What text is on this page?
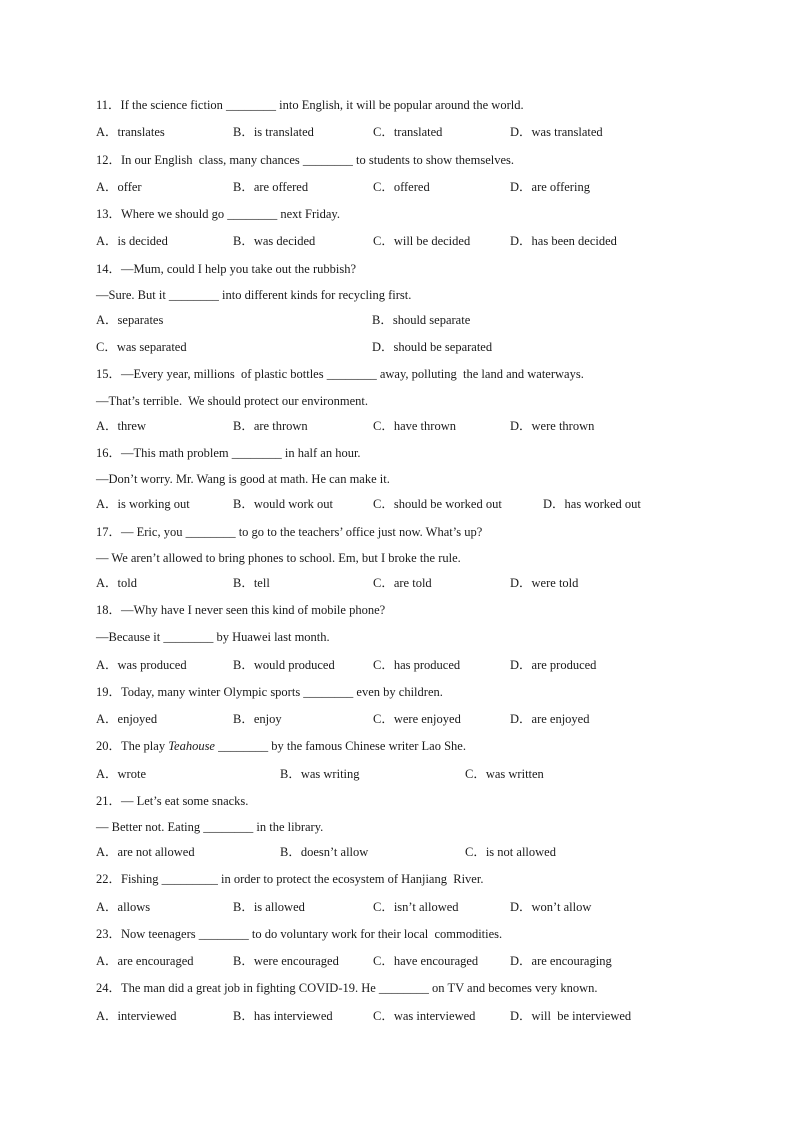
11．If the science fiction ________ into English, it will be popular around the world.
A．translates	B．is translated	C．translated	D．was translated
12．In our English  class, many chances ________ to students to show themselves.
A．offer	B．are offered	C．offered	D．are offering
13．Where we should go ________ next Friday.
A．is decided	B．was decided	C．will be decided	D．has been decided
14．—Mum, could I help you take out the rubbish?
—Sure. But it ________ into different kinds for recycling first.
A．separates	B．should separate
C．was separated	D．should be separated
15．—Every year, millions  of plastic bottles ________ away, polluting  the land and waterways.
—That’s terrible.  We should protect our environment.
A．threw	B．are thrown	C．have thrown	D．were thrown
16．—This math problem ________ in half an hour.
—Don’t worry. Mr. Wang is good at math. He can make it.
A．is working out	B．would work out	C．should be worked out	D．has worked out
17．— Eric, you ________ to go to the teachers’ office just now. What’s up?
— We aren’t allowed to bring phones to school. Em, but I broke the rule.
A．told	B．tell	C．are told	D．were told
18．—Why have I never seen this kind of mobile phone?
—Because it ________ by Huawei last month.
A．was produced	B．would produced	C．has produced	D．are produced
19．Today, many winter Olympic sports ________ even by children.
A．enjoyed	B．enjoy	C．were enjoyed	D．are enjoyed
20．The play Teahouse ________ by the famous Chinese writer Lao She.
A．wrote	B．was writing	C．was written
21．— Let’s eat some snacks.
— Better not. Eating ________ in the library.
A．are not allowed	B．doesn’t allow	C．is not allowed
22．Fishing _________ in order to protect the ecosystem of Hanjiang  River.
A．allows	B．is allowed	C．isn’t allowed	D．won’t allow
23．Now teenagers ________ to do voluntary work for their local  commodities.
A．are encouraged	B．were encouraged	C．have encouraged	D．are encouraging
24．The man did a great job in fighting COVID-19. He ________ on TV and becomes very known.
A．interviewed	B．has interviewed	C．was interviewed	D．will  be interviewed
